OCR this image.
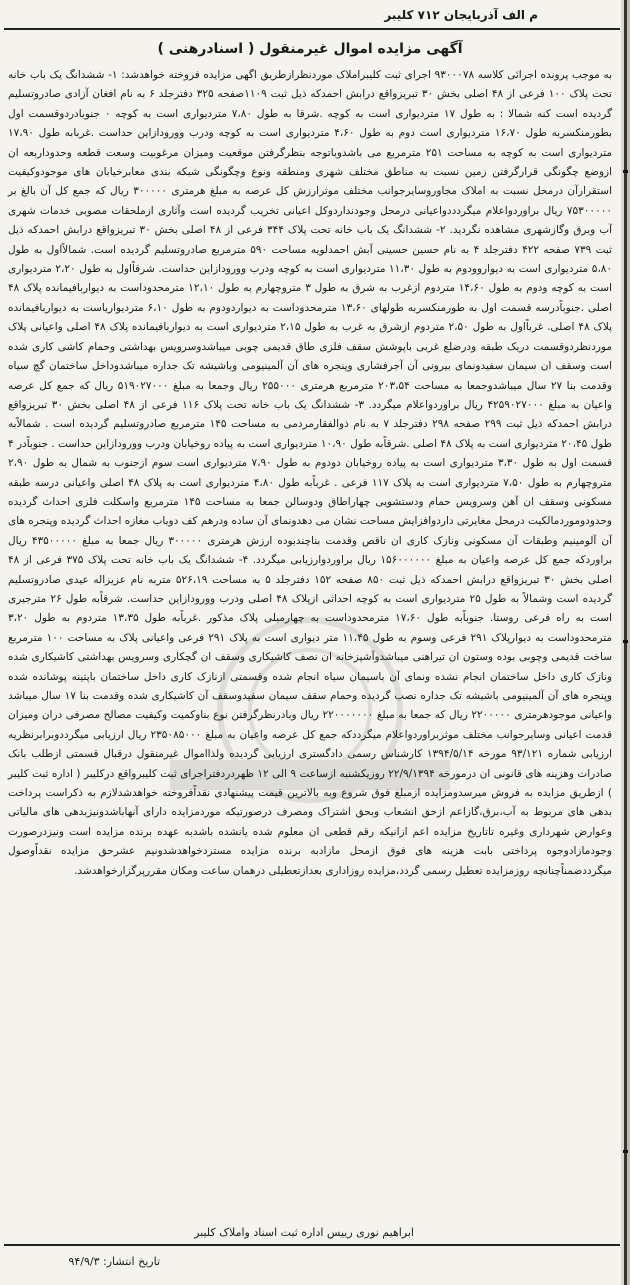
م الف آذربایجان ۷۱۲ کلیبر
آگهی مزایده اموال غیرمنقول ( اسنادرهنی )
به موجب پرونده اجرائی کلاسه ۹۳۰۰۰۷۸ اجرای ثبت کلیبراملاک موردنظرازطریق اگهی مزایده فروخته خواهدشد: ۱- ششدانگ یک باب خانه تحت پلاک ۱۰۰ فرعی از ۴۸ اصلی بخش ۳۰ تبریزواقع درابش احمدکه ذیل ثبت ۱۱۰۹صفحه ۳۲۵ دفترجلد ۶ به نام افغان آزادی صادروتسلیم گردیده است کنه شمالا : به طول ۱۷ متردیواری است به کوچه .شرقا به طول ۷،۸۰ متردیواری است به کوچه ۰ جنوبادردوقسمت اول بطورمنکسربه طول ۱۶،۷۰ متردیواری است دوم به طول ۴،۶۰ متردیواری است به کوچه ودرب وورودازاین حداست .غربابه طول ۱۷،۹۰ متردیواری است به کوچه به مساحت ۲۵۱ مترمربع می باشدوباتوجه بنظرگرفتن موقعیت ومیزان مرغوبیت وسعت قطعه وحدوداربعه ان ازوضع چگونگی قرارگرفتن زمین نسبت به مناطق مختلف شهری ومنطقه ونوع وچگونگی شبکه بندی معابرخیابان های موجودوکیفیت استقرارآن درمحل نسبت به املاک مجاوروسایرجوانب مختلف موثرارزش کل عرصه به مبلغ هرمتری ۳۰۰۰۰۰ ریال که جمع کل آن بالغ بر ۷۵۳۰۰۰۰۰ ریال براوردواعلام میگردددواعیانی درمحل وجودنداردوکل اعیانی تخریب گردیده است وآثاری ازملحقات مصوبی خدمات شهری آب وبرق وگازشهری مشاهده نگردید. ۲- ششدانگ یک باب خانه تحت پلاک ۳۴۴ فرعی از ۴۸ اصلی بخش ۳۰ تبریزواقع درابش احمدکه ذیل ثبت ۷۳۹ صفحه ۴۲۲ دفترجلد ۴ به نام حسین حسینی آبش احمدلویه مساحت ۵۹۰ مترمربع صادروتسلیم گردیده است. شمالاًاول به طول ۵،۸۰ متردیواری است به دیواروودوم به طول ۱۱،۳۰ متردیواری است به کوچه ودرب وورودازاین حداست. شرقاًاول به طول ۲،۲۰ متردیواری است به کوچه ودوم به طول ۱۴،۶۰ متردوم ازغرب به شرق به طول ۳ متروچهارم به طول ۱۲،۱۰ مترمحدوداست به دیواربافیمانده پلاک ۴۸ اصلی .جنوباًدرسه قسمت اول به طورمنکسربه طولهای ۱۳،۶۰ مترمحدوداست به دیواردودوم به طول ۶،۱۰ متردیواریاست به دیواربافیمانده پلاک ۴۸ اصلی. غرباًاول به طول ۲،۵۰ متردوم ازشرق به غرب به طول ۲،۱۵ متردیواری است به دیواربافیمانده پلاک ۴۸ اصلی واعیانی پلاک موردنظردوقسمت دریک طبقه ودرضلع غربی باپوشش سقف فلزی طاق قدیمی چوبی میباشدوسرویس بهداشتی وحمام کاشی کاری شده است وسقف ان سیمان سفیدونمای بیرونی آن آجرفشاری وپنجره های آن آلمینیومی وباشیشه تک جداره میباشدوداخل ساختمان گچ سیاه وقدمت بنا ۲۷ سال میباشدوجمعا به مساحت ۲۰۳،۵۴ مترمربع هرمتری ۲۵۵۰۰۰ ریال وجمعا به مبلغ ۵۱۹۰۲۷۰۰۰ ریال که جمع کل عرصه واعیان به مبلغ ۴۲۵۹۰۲۷۰۰۰ ریال براوردواعلام میگردد. ۳- ششدانگ یک باب خانه تحت پلاک ۱۱۶ فرعی از ۴۸ اصلی بخش ۳۰ تبریزواقع درابش احمدکه ذیل ثبت ۲۹۹ صفحه ۲۹۸ دفترجلد ۷ به نام ذوالفقارمردمی به مساحت ۱۴۵ مترمربع صادروتسلیم گردیده است . شمالاًبه طول ۲۰،۴۵ متردیواری است به پلاک ۴۸ اصلی .شرقاًبه طول ۱۰،۹۰ متردیواری است به پیاده روخیابان ودرب وورودازاین حداست . جنوباًدر ۴ قسمت اول به طول ۳،۳۰ متردیواری است به پیاده روخیابان دودوم به طول ۷،۹۰ متردیواری است سوم ازجنوب به شمال به طول ۲،۹۰ متروچهارم به طول ۷،۵۰ متردیواری است به پلاک ۱۱۷ فرعی . غرباًبه طول ۴،۸۰ متردیواری است به پلاک ۴۸ اصلی واعیانی درسه طبقه مسکونی وسقف ان آهن وسرویس حمام ودستشویی چهاراطاق ودوسالن جمعا به مساحت ۱۴۵ مترمربع واسکلت فلزی احداث گردیده وحدودوموردمالکیت درمحل مغایرتی داردوافزایش مساحت نشان می دهدونمای آن ساده ودرهم کف دوباب مغازه احداث گردیده وپنجره های آن آلومینیم وطبقات آن مسکونی ونازک کاری ان ناقص وقدمت بناچندبوده ارزش هرمتری ۳۰۰۰۰۰ ریال جمعا به مبلغ ۴۳۵۰۰۰۰۰ ریال براوردکه جمع کل عرصه واعیان به مبلغ ۱۵۶۰۰۰۰۰۰ ریال براوردوارزیابی میگردد. ۴- ششدانگ یک باب خانه تحت پلاک ۳۷۵ فرعی از ۴۸ اصلی بخش ۳۰ تبریزواقع درابش احمدکه ذیل ثبت ۸۵۰ صفحه ۱۵۲ دفترجلد ۵ به مساحت ۵۲۶،۱۹ متربه نام عزیزاله عیدی صادروتسلیم گردیده است وشمالاً به طول ۲۵ متردیواری است به کوچه احداثی ازپلاک ۴۸ اصلی ودرب وورودازاین حداست. شرقاًبه طول ۲۶ مترجیری است به راه فرعی روستا. جنوباًبه طول ۱۷،۶۰ مترمحدوداست به چهارمیلی پلاک مذکور .غرباًبه طول ۱۳،۳۵ متردوم به طول ۳،۲۰ مترمحدوداست به دیوارپلاک ۲۹۱ فرعی وسوم به طول ۱۱،۴۵ متر دیواری است به پلاک ۲۹۱ فرعی واعیانی پلاک به مساحت ۱۰۰ مترمربع ساخت قدیمی وچوبی بوده وستون ان تیراهنی میباشدوآشپزخانه ان نصف کاشیکاری وسقف ان گچکاری وسرویس بهداشتی کاشیکاری شده ونازک کاری داخل ساختمان انجام نشده ونمای آن باسیمان سیاه انجام شده وقسمتی ازنازک کاری داخل ساختمان باپتینه پوشانده شده وپنجره های آن آلمینیومی باشیشه تک جداره نصب گردیده وحمام سقف سیمان سفیدوسقف آن کاشیکاری شده وقدمت بنا ۱۷ سال میباشد واعیانی موجودهرمتری ۲۲۰۰۰۰۰ ریال که جمعا به مبلغ ۲۲۰۰۰۰۰۰۰ ریال وبادرنظرگرفتن نوع بناوکمیت وکیفیت مصالح مصرفی دران ومیزان قدمت اعیانی وسایرجوانب مختلف موثربراوردواعلام میگرددکه جمع کل عرصه واعیان به مبلغ ۲۳۵۰۸۵۰۰۰ ریال ارزیابی میگرددوبرابرنظریه ارزیابی شماره ۹۳/۱۲۱ مورخه ۱۳۹۴/۵/۱۴ کارشناس رسمی دادگستری ارزیابی گردیده ولذااموال غیرمنقول درقبال قسمتی ازطلب بانک صادرات وهزینه های قانونی ان درمورخه ۲۲/۹/۱۳۹۴ روزیکشنبه ازساعت ۹ الی ۱۲ ظهردردفتراجرای ثبت کلیبرواقع درکلیبر ( اداره ثبت کلیبر ) ازطریق مزایده به فروش میرسدومزایده ازمبلغ فوق شروع وبه بالاترین قیمت پیشنهادی نقداًفروخته خواهدشدلازم به ذکراست پرداخت بدهی های مربوط به آب،برق،گازاعم ازحق انشعاب وبحق اشتراک ومصرف درصورتیکه موردمزایده دارای آنهاباشدونیزبدهی های مالیاتی وعوارض شهرداری وغیره تاتاریخ مزایده اعم ازانیکه رقم قطعی ان معلوم شده یانشده باشدبه عهده برنده مزایده است ونیزدرصورت وجودمازادوجوه پرداختی بابت هزینه های فوق ازمحل مازادبه برنده مزایده مستردخواهدشدونیم عشرحق مزایده نقداًوصول میگرددضمناًچنانچه روزمزایده تعطیل رسمی گردد،مزایده روزاداری بعدازتعطیلی درهمان ساعت ومکان مقررپرگزارخواهدشد.
ابراهیم نوری رییس اداره ثبت اسناد واملاک کلیبر
تاریخ انتشار: ۹۴/۹/۳
